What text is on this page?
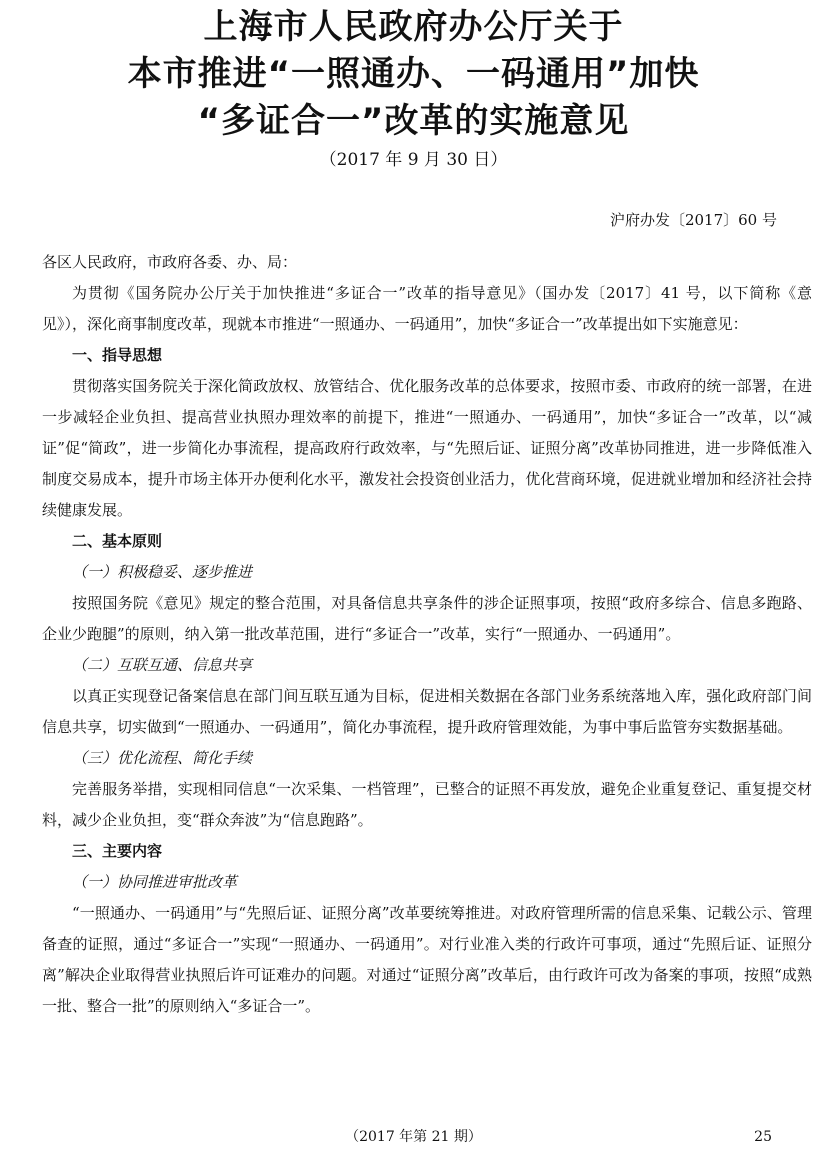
上海市人民政府办公厅关于
本市推进“一照通办、一码通用”加快
“多证合一”改革的实施意见
（2017 年 9 月 30 日）
沪府办发〔2017〕60 号

各区人民政府，市政府各委、办、局：

为贯彻《国务院办公厅关于加快推进“多证合一”改革的指导意见》（国办发〔2017〕41 号，以下简称《意见》），深化商事制度改革，现就本市推进“一照通办、一码通用”，加快“多证合一”改革提出如下实施意见：

一、指导思想

贯彻落实国务院关于深化简政放权、放管结合、优化服务改革的总体要求，按照市委、市政府的统一部署，在进一步减轻企业负担、提高营业执照办理效率的前提下，推进“一照通办、一码通用”，加快“多证合一”改革，以“减证”促“简政”，进一步简化办事流程，提高政府行政效率，与“先照后证、证照分离”改革协同推进，进一步降低准入制度交易成本，提升市场主体开办便利化水平，激发社会投资创业活力，优化营商环境，促进就业增加和经济社会持续健康发展。

二、基本原则

（一）积极稳妥、逐步推进

按照国务院《意见》规定的整合范围，对具备信息共享条件的涉企证照事项，按照“政府多综合、信息多跑路、企业少跑腿”的原则，纳入第一批改革范围，进行“多证合一”改革，实行“一照通办、一码通用”。

（二）互联互通、信息共享

以真正实现登记备案信息在部门间互联互通为目标，促进相关数据在各部门业务系统落地入库，强化政府部门间信息共享，切实做到“一照通办、一码通用”，简化办事流程，提升政府管理效能，为事中事后监管夯实数据基础。

（三）优化流程、简化手续

完善服务举措，实现相同信息“一次采集、一档管理”，已整合的证照不再发放，避免企业重复登记、重复提交材料，减少企业负担，变“群众奔波”为“信息跑路”。

三、主要内容

（一）协同推进审批改革

“一照通办、一码通用”与“先照后证、证照分离”改革要统筹推进。对政府管理所需的信息采集、记载公示、管理备查的证照，通过“多证合一”实现“一照通办、一码通用”。对行业准入类的行政许可事项，通过“先照后证、证照分离”解决企业取得营业执照后许可证难办的问题。对通过“证照分离”改革后，由行政许可改为备案的事项，按照“成熟一批、整合一批”的原则纳入“多证合一”。

（2017 年第 21 期）	25
